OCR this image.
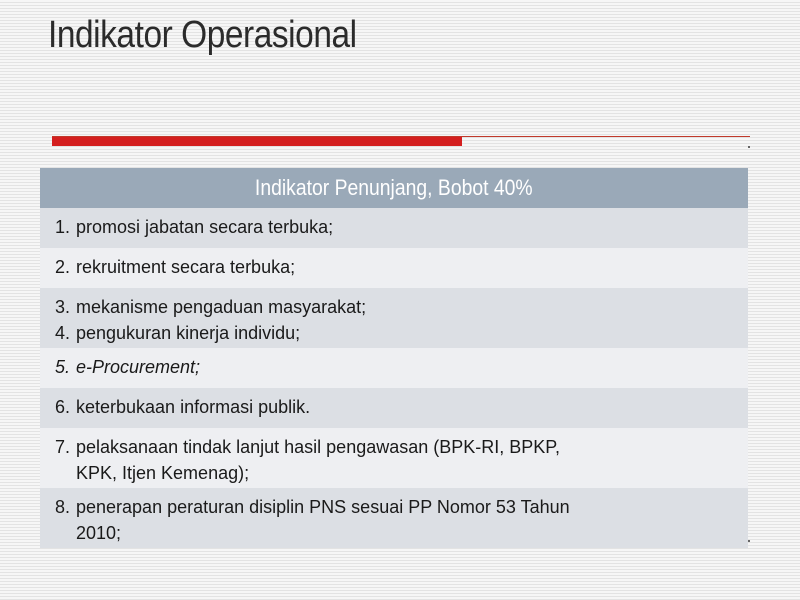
Indikator Operasional
Indikator Penunjang, Bobot 40%
1. promosi jabatan secara terbuka;
2. rekruitment secara terbuka;
3. mekanisme pengaduan masyarakat;
4. pengukuran kinerja individu;
5. e-Procurement;
6. keterbukaan informasi publik.
7. pelaksanaan tindak lanjut hasil pengawasan (BPK-RI, BPKP,
KPK, Itjen Kemenag);
8. penerapan peraturan disiplin PNS sesuai PP Nomor 53 Tahun
2010;
